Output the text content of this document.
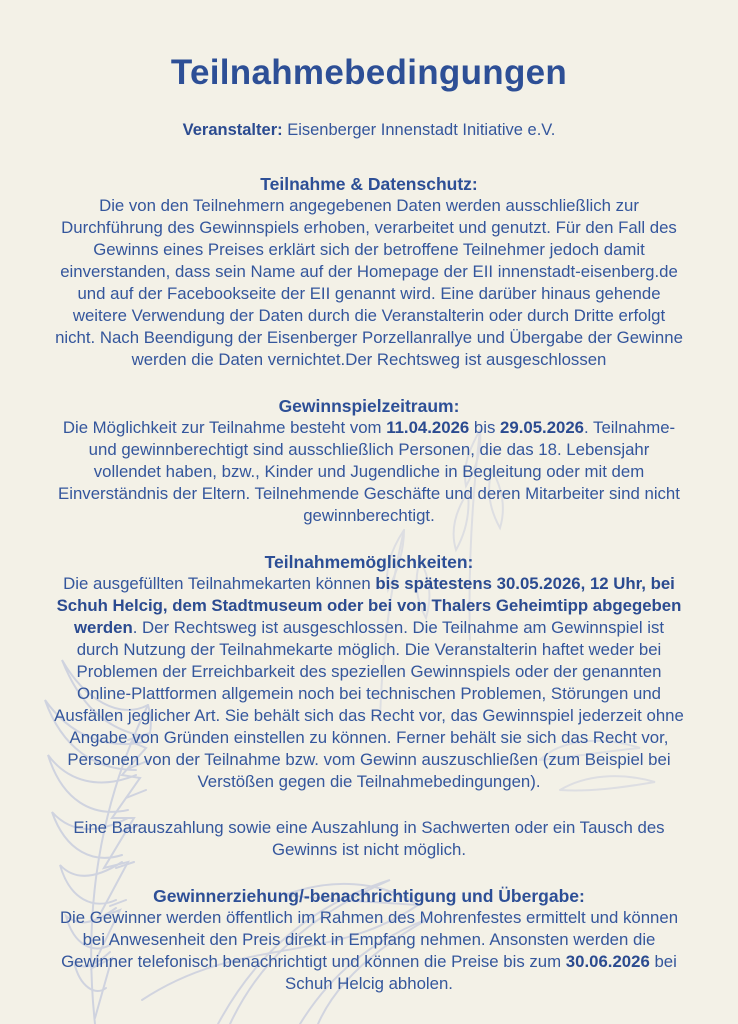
Teilnahmebedingungen

Veranstalter: Eisenberger Innenstadt Initiative e.V.

Teilnahme & Datenschutz:

Die von den Teilnehmern angegebenen Daten werden ausschließlich zur Durchführung des Gewinnspiels erhoben, verarbeitet und genutzt. Für den Fall des Gewinns eines Preises erklärt sich der betroffene Teilnehmer jedoch damit einverstanden, dass sein Name auf der Homepage der EII innenstadt-eisenberg.de und auf der Facebookseite der EII genannt wird. Eine darüber hinaus gehende weitere Verwendung der Daten durch die Veranstalterin oder durch Dritte erfolgt nicht. Nach Beendigung der Eisenberger Porzellanrallye und Übergabe der Gewinne werden die Daten vernichtet.Der Rechtsweg ist ausgeschlossen

Gewinnspielzeitraum:

Die Möglichkeit zur Teilnahme besteht vom 11.04.2026 bis 29.05.2026. Teilnahme- und gewinnberechtigt sind ausschließlich Personen, die das 18. Lebensjahr vollendet haben, bzw., Kinder und Jugendliche in Begleitung oder mit dem Einverständnis der Eltern. Teilnehmende Geschäfte und deren Mitarbeiter sind nicht gewinnberechtigt.

Teilnahmemöglichkeiten:

Die ausgefüllten Teilnahmekarten können bis spätestens 30.05.2026, 12 Uhr, bei Schuh Helcig, dem Stadtmuseum oder bei von Thalers Geheimtipp abgegeben werden. Der Rechtsweg ist ausgeschlossen. Die Teilnahme am Gewinnspiel ist durch Nutzung der Teilnahmekarte möglich. Die Veranstalterin haftet weder bei Problemen der Erreichbarkeit des speziellen Gewinnspiels oder der genannten Online-Plattformen allgemein noch bei technischen Problemen, Störungen und Ausfällen jeglicher Art. Sie behält sich das Recht vor, das Gewinnspiel jederzeit ohne Angabe von Gründen einstellen zu können. Ferner behält sie sich das Recht vor, Personen von der Teilnahme bzw. vom Gewinn auszuschließen (zum Beispiel bei Verstößen gegen die Teilnahmebedingungen).

Eine Barauszahlung sowie eine Auszahlung in Sachwerten oder ein Tausch des Gewinns ist nicht möglich.

Gewinnerziehung/-benachrichtigung und Übergabe:

Die Gewinner werden öffentlich im Rahmen des Mohrenfestes ermittelt und können bei Anwesenheit den Preis direkt in Empfang nehmen. Ansonsten werden die Gewinner telefonisch benachrichtigt und können die Preise bis zum 30.06.2026 bei Schuh Helcig abholen.
